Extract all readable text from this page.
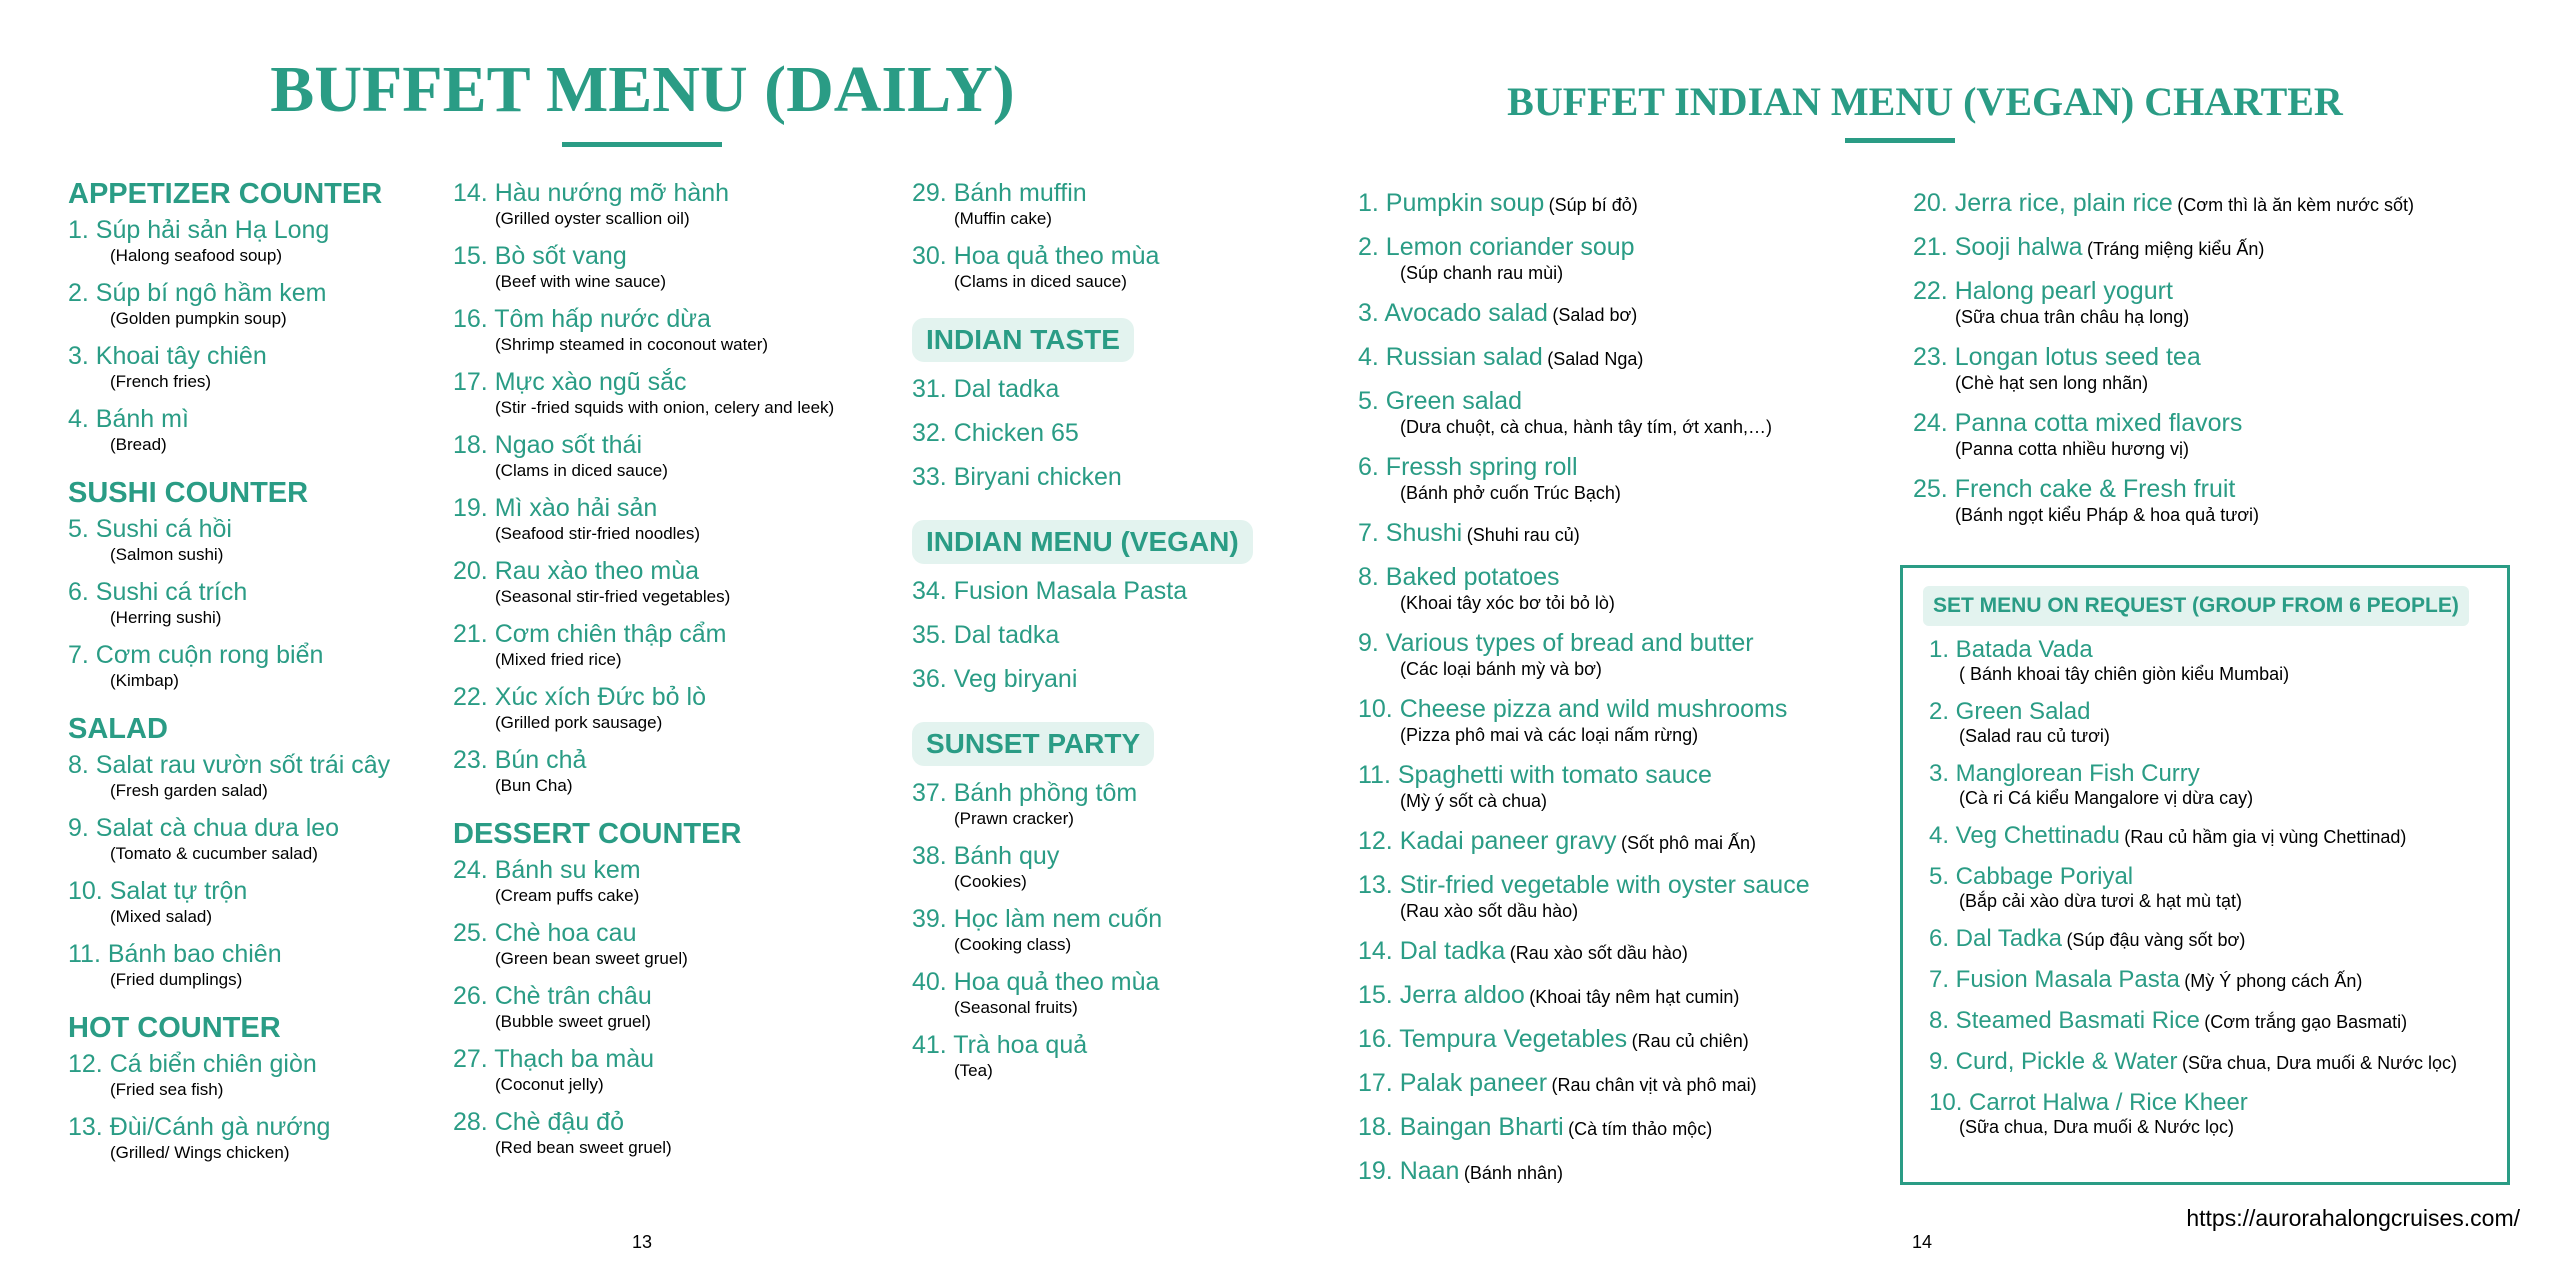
BUFFET MENU (DAILY)
APPETIZER COUNTER
1. Súp hải sản Hạ Long
(Halong seafood soup)
2. Súp bí ngô hầm kem
(Golden pumpkin soup)
3. Khoai tây chiên
(French fries)
4. Bánh mì
(Bread)
SUSHI COUNTER
5. Sushi cá hồi
(Salmon sushi)
6. Sushi cá trích
(Herring sushi)
7. Cơm cuộn rong biển
(Kimbap)
SALAD
8. Salat rau vườn sốt trái cây
(Fresh garden salad)
9. Salat cà chua dưa leo
(Tomato & cucumber salad)
10. Salat tự trộn
(Mixed salad)
11. Bánh bao chiên
(Fried dumplings)
HOT COUNTER
12. Cá biển chiên giòn
(Fried sea fish)
13. Đùi/Cánh gà nướng
(Grilled/ Wings chicken)
14. Hàu nướng mỡ hành
(Grilled oyster scallion oil)
15. Bò sốt vang
(Beef with wine sauce)
16. Tôm hấp nước dừa
(Shrimp steamed in coconout water)
17. Mực xào ngũ sắc
(Stir -fried squids with onion, celery and leek)
18. Ngao sốt thái
(Clams in diced sauce)
19. Mì xào hải sản
(Seafood stir-fried noodles)
20. Rau xào theo mùa
(Seasonal stir-fried vegetables)
21. Cơm chiên thập cẩm
(Mixed fried rice)
22. Xúc xích Đức bỏ lò
(Grilled pork sausage)
23. Bún chả
(Bun Cha)
DESSERT COUNTER
24. Bánh su kem
(Cream puffs cake)
25. Chè hoa cau
(Green bean sweet gruel)
26. Chè trân châu
(Bubble sweet gruel)
27. Thạch ba màu
(Coconut jelly)
28. Chè đậu đỏ
(Red bean sweet gruel)
29. Bánh muffin
(Muffin cake)
30. Hoa quả theo mùa
(Clams in diced sauce)
INDIAN TASTE
31. Dal tadka
32. Chicken 65
33. Biryani chicken
INDIAN MENU (VEGAN)
34. Fusion Masala Pasta
35. Dal tadka
36. Veg biryani
SUNSET PARTY
37. Bánh phồng tôm
(Prawn cracker)
38. Bánh quy
(Cookies)
39. Học làm nem cuốn
(Cooking class)
40. Hoa quả theo mùa
(Seasonal fruits)
41. Trà hoa quả
(Tea)
13
BUFFET INDIAN MENU (VEGAN) CHARTER
1. Pumpkin soup (Súp bí đỏ)
2. Lemon coriander soup
(Súp chanh rau mùi)
3. Avocado salad (Salad bơ)
4. Russian salad (Salad Nga)
5. Green salad
(Dưa chuột, cà chua, hành tây tím, ớt xanh,…)
6. Fressh spring roll
(Bánh phở cuốn Trúc Bạch)
7. Shushi (Shuhi rau củ)
8. Baked potatoes
(Khoai tây xóc bơ tỏi bỏ lò)
9. Various types of bread and butter
(Các loại bánh mỳ và bơ)
10. Cheese pizza and wild mushrooms
(Pizza phô mai và các loại nấm rừng)
11. Spaghetti with tomato sauce
(Mỳ ý sốt cà chua)
12. Kadai paneer gravy (Sốt phô mai Ấn)
13. Stir-fried vegetable with oyster sauce
(Rau xào sốt dầu hào)
14. Dal tadka (Rau xào sốt dầu hào)
15. Jerra aldoo (Khoai tây nêm hạt cumin)
16. Tempura Vegetables (Rau củ chiên)
17. Palak paneer (Rau chân vịt và phô mai)
18. Baingan Bharti (Cà tím thảo mộc)
19. Naan (Bánh nhân)
20. Jerra rice, plain rice (Cơm thì là ăn kèm nước sốt)
21. Sooji halwa (Tráng miệng kiểu Ấn)
22. Halong pearl yogurt
(Sữa chua trân châu hạ long)
23. Longan lotus seed tea
(Chè hạt sen long nhãn)
24. Panna cotta mixed flavors
(Panna cotta nhiều hương vị)
25. French cake & Fresh fruit
(Bánh ngọt kiểu Pháp & hoa quả tươi)
SET MENU ON REQUEST (GROUP FROM 6 PEOPLE)
1. Batada Vada
( Bánh khoai tây chiên giòn kiểu Mumbai)
2. Green Salad
(Salad rau củ tươi)
3. Manglorean Fish Curry
(Cà ri Cá kiểu Mangalore vị dừa cay)
4. Veg Chettinadu (Rau củ hầm gia vị vùng Chettinad)
5. Cabbage Poriyal
(Bắp cải xào dừa tươi & hạt mù tạt)
6. Dal Tadka (Súp đậu vàng sốt bơ)
7. Fusion Masala Pasta (Mỳ Ý phong cách Ấn)
8. Steamed Basmati Rice (Cơm trắng gạo Basmati)
9. Curd, Pickle & Water (Sữa chua, Dưa muối & Nước lọc)
10. Carrot Halwa / Rice Kheer
(Sữa chua, Dưa muối & Nước lọc)
14
https://aurorahalongcruises.com/
